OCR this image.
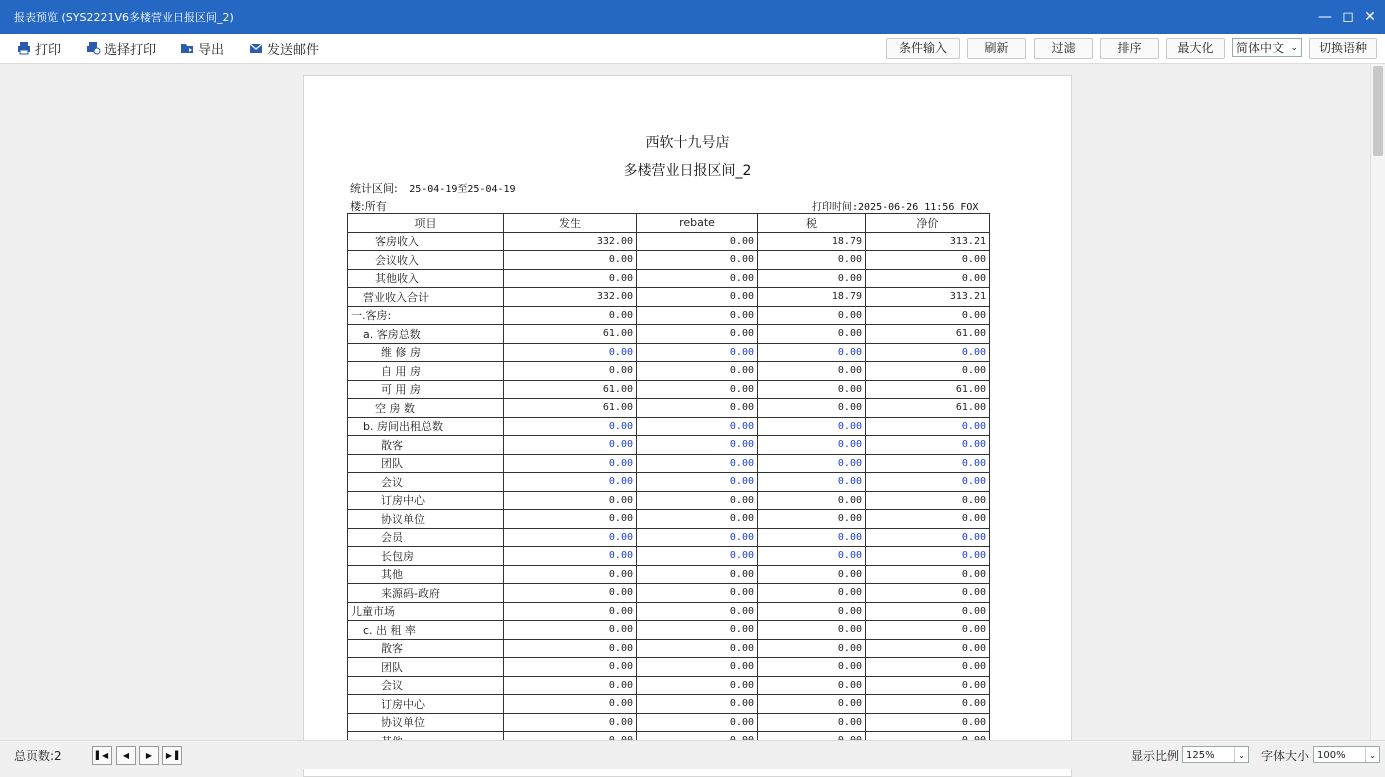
报表预览 (SYS2221V6多楼营业日报区间_2)	— ◻ ✕
打印	选择打印	导出	发送邮件	条件输入	刷新	过滤	排序	最大化	简体中文 ⌄	切换语种
西软十九号店
多楼营业日报区间_2
统计区间: 25-04-19至25-04-19
楼:所有	打印时间:2025-06-26 11:56 FOX
项目	发生	rebate	税	净价
客房收入	332.00	0.00	18.79	313.21
会议收入	0.00	0.00	0.00	0.00
其他收入	0.00	0.00	0.00	0.00
营业收入合计	332.00	0.00	18.79	313.21
一.客房:	0.00	0.00	0.00	0.00
a. 客房总数	61.00	0.00	0.00	61.00
维 修 房	0.00	0.00	0.00	0.00
自 用 房	0.00	0.00	0.00	0.00
可 用 房	61.00	0.00	0.00	61.00
空 房 数	61.00	0.00	0.00	61.00
b. 房间出租总数	0.00	0.00	0.00	0.00
散客	0.00	0.00	0.00	0.00
团队	0.00	0.00	0.00	0.00
会议	0.00	0.00	0.00	0.00
订房中心	0.00	0.00	0.00	0.00
协议单位	0.00	0.00	0.00	0.00
会员	0.00	0.00	0.00	0.00
长包房	0.00	0.00	0.00	0.00
其他	0.00	0.00	0.00	0.00
来源码-政府	0.00	0.00	0.00	0.00
儿童市场	0.00	0.00	0.00	0.00
c. 出 租 率	0.00	0.00	0.00	0.00
散客	0.00	0.00	0.00	0.00
团队	0.00	0.00	0.00	0.00
会议	0.00	0.00	0.00	0.00
订房中心	0.00	0.00	0.00	0.00
协议单位	0.00	0.00	0.00	0.00

总页数:2	▌◀	◀	▶	▶▐	显示比例 125%	⌄ 字体大小 100%	⌄
